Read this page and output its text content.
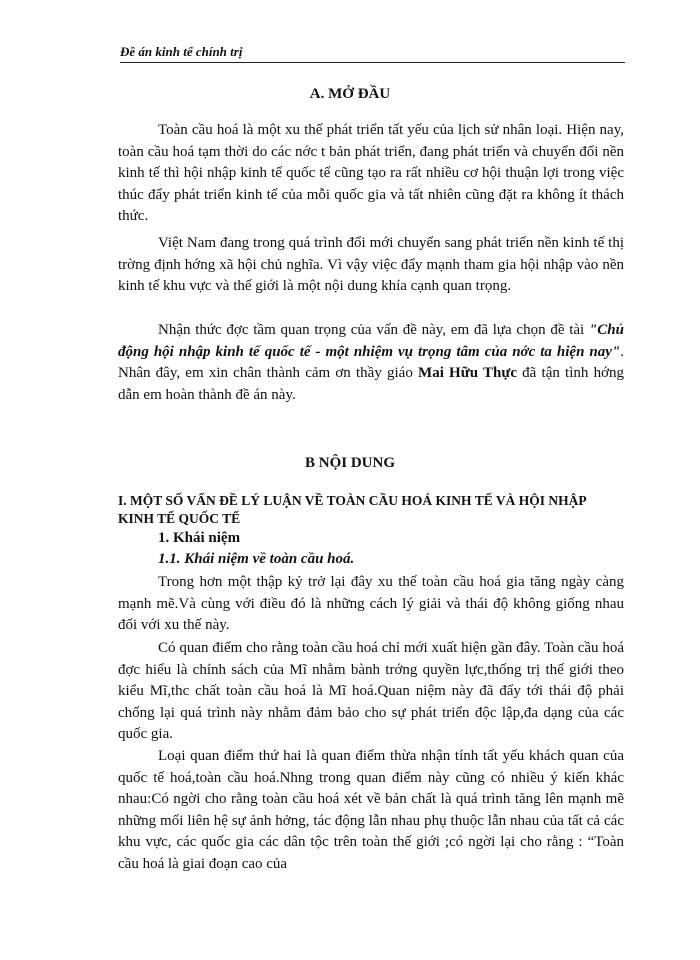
Đề án kinh tế chính trị
A. MỞ ĐẦU

Toàn cầu hoá là một xu thế phát triển tất yếu của lịch sử nhân loại. Hiện nay, toàn cầu hoá tạm thời do các nớc t bản phát triển, đang phát triển và chuyển đổi nền kinh tế thì hội nhập kinh tế quốc tế cũng tạo ra rất nhiều cơ hội thuận lợi trong việc thúc đẩy phát triển kinh tế của mỗi quốc gia và tất nhiên cũng đặt ra không ít thách thức.

Việt Nam đang trong quá trình đổi mới chuyển sang phát triển nền kinh tế thị trờng định hớng xã hội chủ nghĩa. Vì vậy việc đẩy mạnh tham gia hội nhập vào nền kinh tế khu vực và thế giới là một nội dung khía cạnh quan trọng.

Nhận thức đợc tầm quan trọng của vấn đề này, em đã lựa chọn đề tài "Chủ động hội nhập kinh tế quốc tế - một nhiệm vụ trọng tâm của nớc ta hiện nay". Nhân đây, em xin chân thành cảm ơn thầy giáo Mai Hữu Thực đã tận tình hớng dẫn em hoàn thành đề án này.

B NỘI DUNG

I. MỘT SỐ VẤN ĐỀ LÝ LUẬN VỀ TOÀN CẦU HOÁ KINH TẾ VÀ HỘI NHẬP KINH TẾ QUỐC TẾ

1. Khái niệm

1.1. Khái niệm về toàn cầu hoá.

Trong hơn một thập kỷ trở lại đây xu thế toàn cầu hoá gia tăng ngày càng mạnh mẽ.Và cùng với điều đó là những cách lý giải và thái độ không giống nhau đối với xu thế này.

Có quan điểm cho rằng toàn cầu hoá chỉ mới xuất hiện gần đây. Toàn cầu hoá đợc hiểu là chính sách của Mĩ nhằm bành trớng quyền lực,thống trị thế giới theo kiểu Mĩ,thc chất toàn cầu hoá là Mĩ hoá.Quan niệm này đã đẩy tới thái độ phải chống lại quá trình này nhằm đảm bảo cho sự phát triển độc lập,đa dạng của các quốc gia.

Loại quan điểm thứ hai là quan điểm thừa nhận tính tất yếu khách quan của quốc tế hoá,toàn cầu hoá.Nhng trong quan điểm này cũng có nhiều ý kiến khác nhau:Có ngời cho rằng toàn cầu hoá xét về bản chất là quá trình tăng lên mạnh mẽ những mối liên hệ sự ảnh hởng, tác động lẫn nhau phụ thuộc lẫn nhau của tất cả các khu vực, các quốc gia các dân tộc trên toàn thế giới ;có ngời lại cho rằng : “Toàn cầu hoá là giai đoạn cao của
